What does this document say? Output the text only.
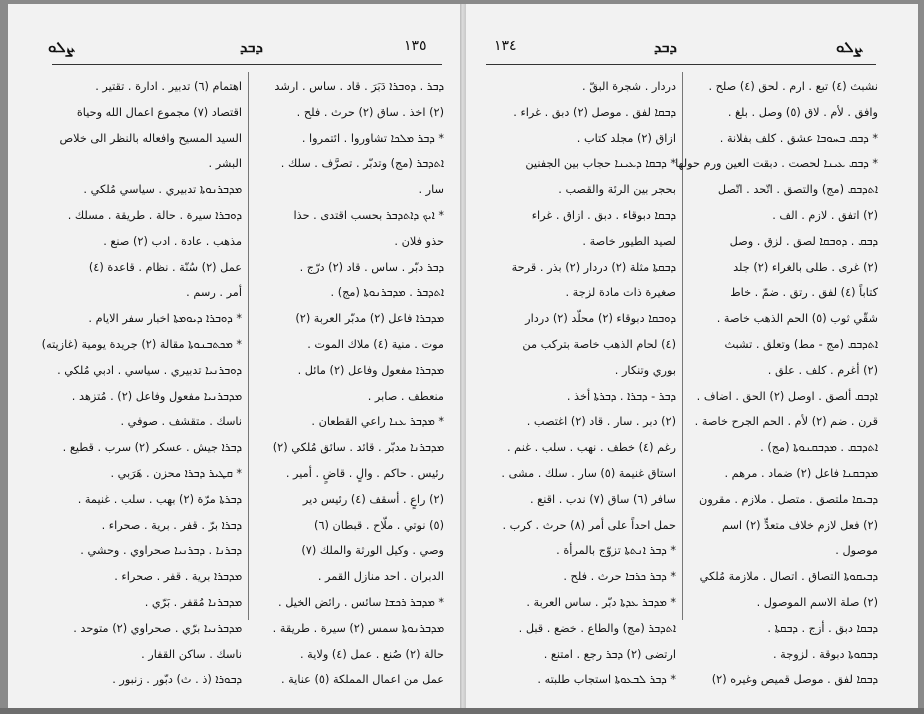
ܨܠܘ	ܕܒܕ	١٣٥
اهتمام (٦) تدبير . ادارة . تقتير .
اقتصاد (٧) مجموع اعمال الله وحياة
السيد المسيح وافعاله بالنظر الى خلاص
البشر .
ܡܕܒܪܢܘܬܐ تدبيري . سياسي مُلكي .
ܕܘܒܪܐ سيرة . حالة . طريقة . مسلك .
مذهب . عادة . ادب (٢) صنع .
عمل (٢) سُنّة . نظام . قاعدة (٤)
أمر . رسم .
* ܕܘܒܪܐ ܕܝܘܡܬܐ اخبار سفر الايام .
* ܡܟܬܒܢܘܬܐ مقالة (٢) جريدة يومية (غازيته)
ܕܘܒܪܢܝܐ تدبيري . سياسي . ادبي مُلكي .
ܡܕܒܪܢܝܐ مفعول وفاعل (٢) . مُتزهد .
ناسك . متقشف . صوفي .
ܕܒܪܐ جيش . عسكر (٢) سرب . قطيع .
* ܩܛܝܪ ܕܒܪܐ محزن . هَرَبي .
ܕܒܪܬܐ مرّة (٢) بهب . سلب . غنيمة .
ܕܒܪܐ برّ . قفر . برية . صحراء .
ܕܒܪܢܐ . ܕܒܪܢܝܐ صحراوي . وحشي .
ܡܕܒܪܐ برية . قفر . صحراء .
ܡܕܒܪܢܐ مُقفر . بَرّي .
ܡܕܒܪܢܝܐ برّي . صحراوي (٢) متوحد .
ناسك . ساكن القفار .
ܕܒܘܪܐ (ذ . ث) دبّور . زنبور .
ܕܒܪ . ܕܘܒܪܐ دَبَرَ . قاد . ساس . ارشد
(٢) اخذ . ساق (٢) حرث . فلح .
* ܕܒܪ ܡܠܟܐ تشاوروا . ائتمروا .
ܐܬܕܒܪ (مج) وتدبّر . تصرَّف . سلك .
سار .
* ܐܝܟ ܕܐܬܕܒܪ بحسب اقتدى . حذا
حذو فلان .
ܕܒܪ دبّر . ساس . قاد (٢) درّج .
ܐܬܕܒܪ . ܡܕܒܪܢܘܬܐ (مج) .
ܡܕܒܪܐ فاعل (٢) مدبّر العربة (٢)
موت . منية (٤) ملاك الموت .
ܡܕܒܪܐ مفعول وفاعل (٢) مائل .
منعطف . صابر .
* ܡܕܒܪ ܥܢܐ راعي القطعان .
ܡܕܒܪܢܐ مدبّر . قائد . سائق مُلكي (٢)
رئيس . حاكم . والٍ . قاضٍ . أمير .
(٢) راعٍ . أسقف (٤) رئيس دير
(٥) نوتي . ملّاح . قبطان (٦)
وصي . وكيل الورثة والملك (٧)
الدبران . احد منازل القمر .
* ܡܕܒܪ ܪܟܫܐ سائس . رائض الخيل .
ܡܕܒܪܢܘܬܐ سمس (٢) سيرة . طريقة .
حالة (٢) صُنع . عمل (٤) ولاية .
عمل من اعمال المملكة (٥) عناية .
١٣٤	ܕܒܕ	ܨܠܘ
دردار . شجرة البقّ .
ܕܒܩܐ لفق . موصل (٢) دبق . غراء .
ازاق (٢) مجلد كتاب .
* ܕܒܩܐ ܕܥܝܢܐ حجاب بين الجفنين
بحجر بين الرئة والقصب .
ܕܒܩܐ دبوقاء . دبق . ازاق . غراء
لصيد الطيور خاصة .
ܕܒܩܬܐ مثلة (٢) دردار (٢) بذر . قرحة
صغيرة ذات مادة لزجة .
ܕܘܒܩܐ دبوقاء (٢) محلّد (٢) دردار
(٤) لحام الذهب خاصة بتركب من
بوري وتنكار .
ܕܒܪ - ܕܒܪܐ . ܕܒܪܬܐ أخذ .
(٢) دبر . سار . قاد (٢) اغتصب .
رغم (٤) خطف . نهب . سلب . غنم .
استاق غنيمة (٥) سار . سلك . مشى .
سافر (٦) ساق (٧) ندب . اقنع .
حمل احداً على أمر (٨) حرث . كرب .
* ܕܒܪ ܐܢܬܬܐ تزوّج بالمرأة .
* ܕܒܪ ܟܪܒܐ حرث . فلح .
* ܡܕܒܪ ܥܕܬܐ دبّر . ساس العربة .
ܐܬܕܒܪ (مج) والطاع . خضع . قبل .
ارتضى (٢) ܕܒܪ رجع . امتنع .
* ܕܒܪ ܠܒܥܘܬܐ استجاب طلبته .
نشبث (٤) تبع . ارم . لحق (٤) صلح .
وافق . لأم . لاق (٥) وصل . بلغ .
* ܕܒܩ ܒܚܘܒܐ عشق . كلف بفلانة .
* ܕܒܩ ܥܝܢܐ لحصت . دبقت العين ورم حولها
ܐܬܕܒܩ (مج) والتصق . اتّحد . اتّصل
(٢) اتفق . لازم . الف .
ܕܒܩ . ܕܘܒܩܐ لصق . لزق . وصل
(٢) غرى . طلى بالغراء (٢) جلد
كتاباً (٤) لفق . رتق . ضمّ . خاط
شقّي ثوب (٥) الحم الذهب خاصة .
ܐܬܕܒܩ (مج - مط) وتعلق . تشبث
(٢) أغرم . كلف . علق .
ܐܕܒܩ ألصق . اوصل (٢) الحق . اضاف .
قرن . ضم (٢) لأم . الحم الجرح خاصة .
ܐܬܕܒܩ . ܡܕܒܩܢܘܬܐ (مج) .
ܡܕܒܩܢܐ فاعل (٢) ضماد . مرهم .
ܕܒܝܩܐ ملتصق . متصل . ملازم . مقرون
(٢) فعل لازم خلاف متعدٍّ (٢) اسم
موصول .
ܕܒܝܩܘܬܐ التصاق . اتصال . ملازمة مُلكي
(٢) صلة الاسم الموصول .
ܕܒܩܐ دبق . أزج . ܕܒܩܬܐ .
ܕܒܩܘܬܐ دبوقة . لزوجة .
ܕܒܩܐ لفق . موصل قميص وغيره (٢)
